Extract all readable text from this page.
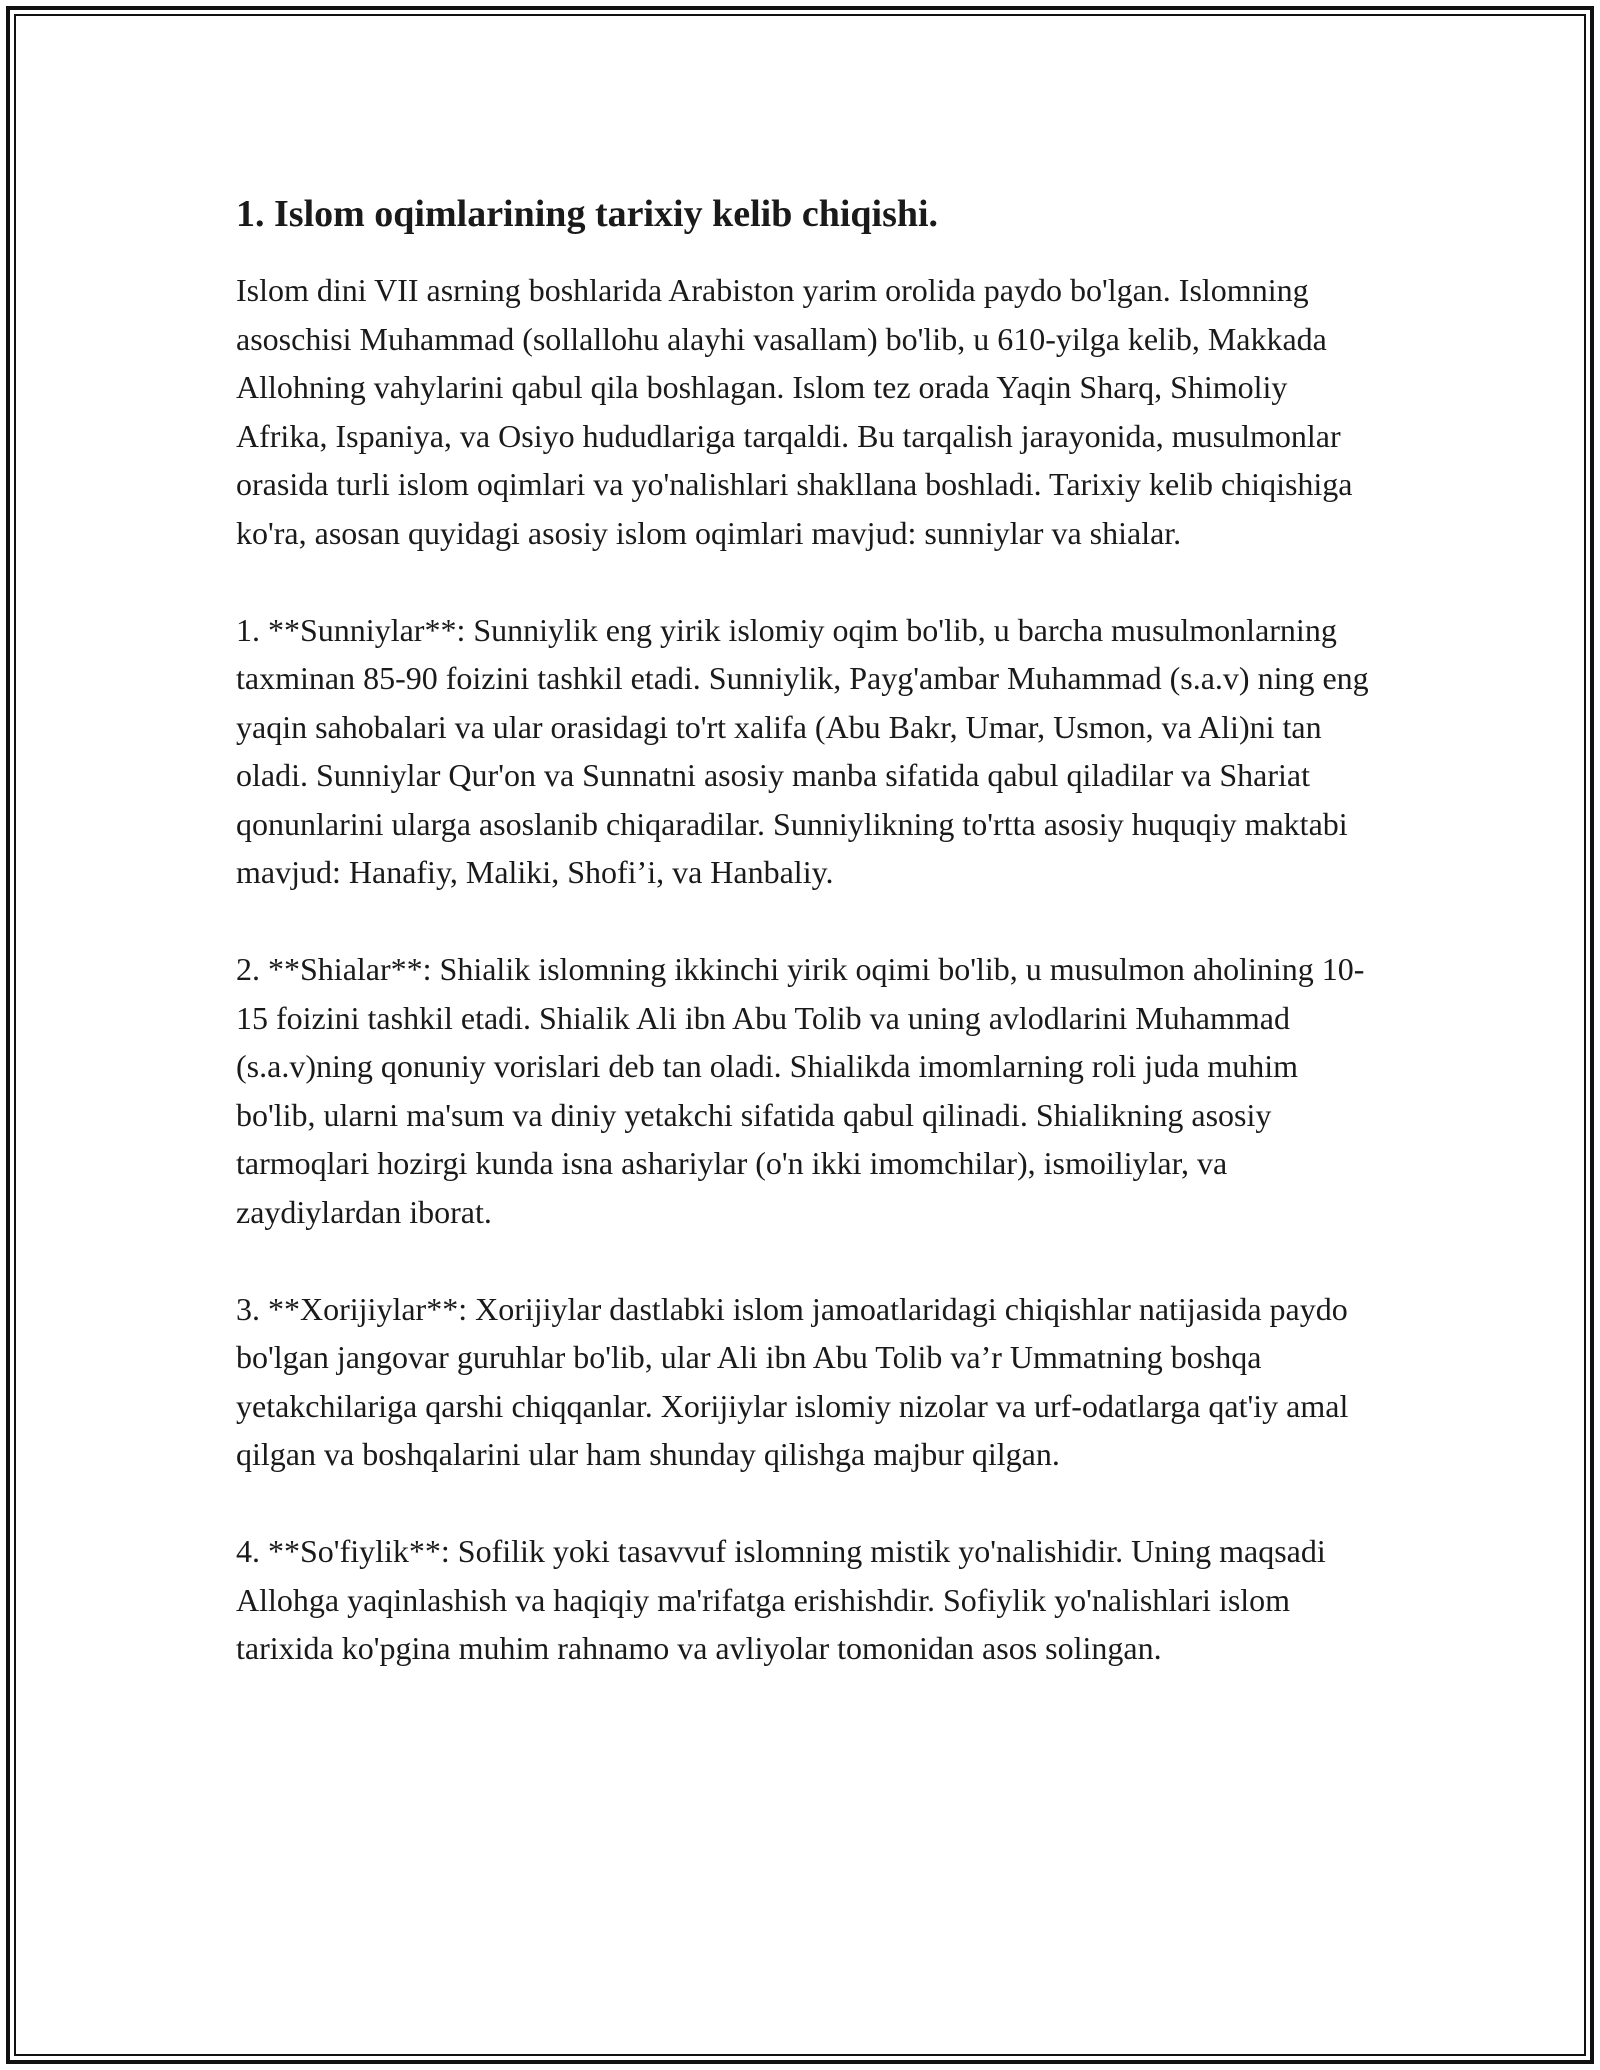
1. Islom oqimlarining tarixiy kelib chiqishi.

Islom dini VII asrning boshlarida Arabiston yarim orolida paydo bo'lgan. Islomning asoschisi Muhammad (sollallohu alayhi vasallam) bo'lib, u 610-yilga kelib, Makkada Allohning vahylarini qabul qila boshlagan. Islom tez orada Yaqin Sharq, Shimoliy Afrika, Ispaniya, va Osiyo hududlariga tarqaldi. Bu tarqalish jarayonida, musulmonlar orasida turli islom oqimlari va yo'nalishlari shakllana boshladi. Tarixiy kelib chiqishiga ko'ra, asosan quyidagi asosiy islom oqimlari mavjud: sunniylar va shialar.

1. **Sunniylar**: Sunniylik eng yirik islomiy oqim bo'lib, u barcha musulmonlarning taxminan 85-90 foizini tashkil etadi. Sunniylik, Payg'ambar Muhammad (s.a.v) ning eng yaqin sahobalari va ular orasidagi to'rt xalifa (Abu Bakr, Umar, Usmon, va Ali)ni tan oladi. Sunniylar Qur'on va Sunnatni asosiy manba sifatida qabul qiladilar va Shariat qonunlarini ularga asoslanib chiqaradilar. Sunniylikning to'rtta asosiy huquqiy maktabi mavjud: Hanafiy, Maliki, Shofi’i, va Hanbaliy.

2. **Shialar**: Shialik islomning ikkinchi yirik oqimi bo'lib, u musulmon aholining 10-15 foizini tashkil etadi. Shialik Ali ibn Abu Tolib va uning avlodlarini Muhammad (s.a.v)ning qonuniy vorislari deb tan oladi. Shialikda imomlarning roli juda muhim bo'lib, ularni ma'sum va diniy yetakchi sifatida qabul qilinadi. Shialikning asosiy tarmoqlari hozirgi kunda isna ashariylar (o'n ikki imomchilar), ismoiliylar, va zaydiylardan iborat.

3. **Xorijiylar**: Xorijiylar dastlabki islom jamoatlaridagi chiqishlar natijasida paydo bo'lgan jangovar guruhlar bo'lib, ular Ali ibn Abu Tolib va’r Ummatning boshqa yetakchilariga qarshi chiqqanlar. Xorijiylar islomiy nizolar va urf-odatlarga qat'iy amal qilgan va boshqalarini ular ham shunday qilishga majbur qilgan.

4. **So'fiylik**: Sofilik yoki tasavvuf islomning mistik yo'nalishidir. Uning maqsadi Allohga yaqinlashish va haqiqiy ma'rifatga erishishdir. Sofiylik yo'nalishlari islom tarixida ko'pgina muhim rahnamo va avliyolar tomonidan asos solingan.
